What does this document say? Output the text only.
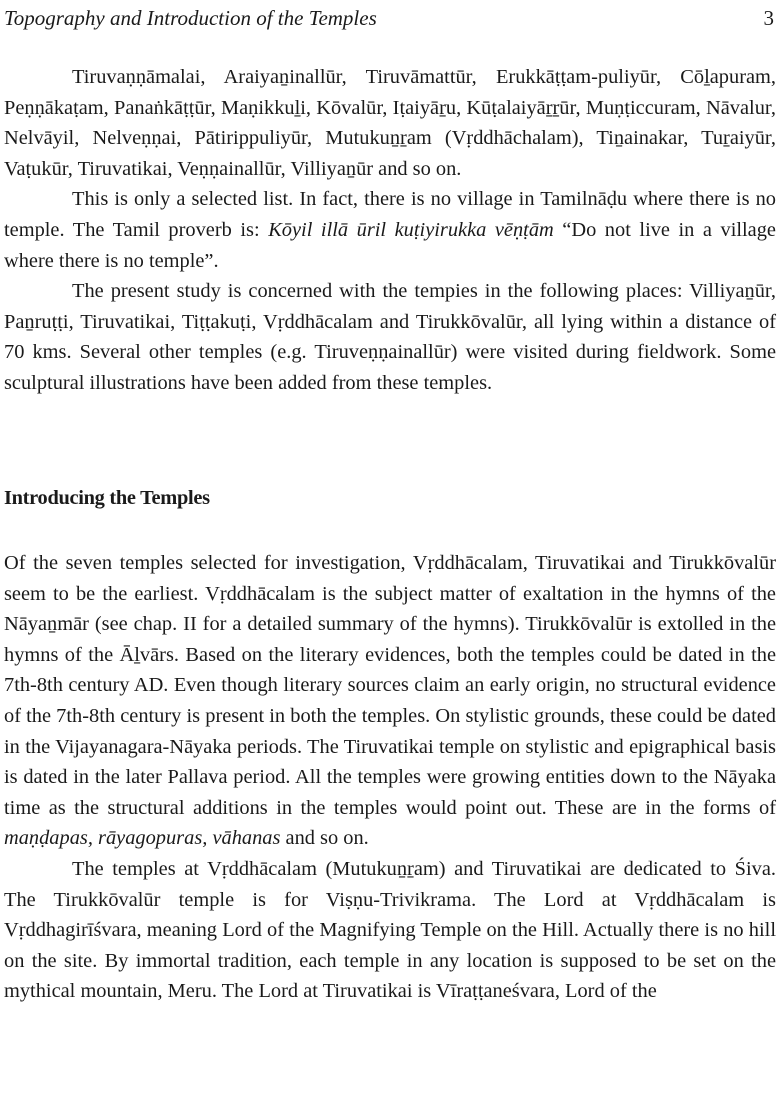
Topography and Introduction of the Temples	3

Tiruvaṇṇāmalai, Araiyaṉinallūr, Tiruvāmattūr, Erukkāṭṭam-puliyūr, Cōḻapuram, Peṇṇākaṭam, Panaṅkāṭṭūr, Maṇikkuḻi, Kōvalūr, Iṭaiyāṟu, Kūṭalaiyāṟṟūr, Muṇṭiccuram, Nāvalur, Nelvāyil, Nelveṇṇai, Pātirippuliyūr, Mutukuṉṟam (Vṛddhāchalam), Tiṉainakar, Tuṟaiyūr, Vaṭukūr, Tiruvatikai, Veṇṇainallūr, Villiyaṉūr and so on.

This is only a selected list. In fact, there is no village in Tamilnāḍu where there is no temple. The Tamil proverb is: Kōyil illā ūril kuṭiyirukka vēṇṭām “Do not live in a village where there is no temple”.

The present study is concerned with the tempies in the following places: Villiyaṉūr, Paṉruṭṭi, Tiruvatikai, Tiṭṭakuṭi, Vṛddhācalam and Tirukkōvalūr, all lying within a distance of 70 kms. Several other temples (e.g. Tiruveṇṇainallūr) were visited during fieldwork. Some sculptural illustrations have been added from these temples.

Introducing the Temples

Of the seven temples selected for investigation, Vṛddhācalam, Tiruvatikai and Tirukkōvalūr seem to be the earliest. Vṛddhācalam is the subject matter of exaltation in the hymns of the Nāyaṉmār (see chap. II for a detailed summary of the hymns). Tirukkōvalūr is extolled in the hymns of the Āḻvārs. Based on the literary evidences, both the temples could be dated in the 7th-8th century AD. Even though literary sources claim an early origin, no structural evidence of the 7th-8th century is present in both the temples. On stylistic grounds, these could be dated in the Vijayanagara-Nāyaka periods. The Tiruvatikai temple on stylistic and epigraphical basis is dated in the later Pallava period. All the temples were growing entities down to the Nāyaka time as the structural additions in the temples would point out. These are in the forms of maṇḍapas, rāyagopuras, vāhanas and so on.

The temples at Vṛddhācalam (Mutukuṉṟam) and Tiruvatikai are dedicated to Śiva. The Tirukkōvalūr temple is for Viṣṇu-Trivikrama. The Lord at Vṛddhācalam is Vṛddhagirīśvara, meaning Lord of the Magnifying Temple on the Hill. Actually there is no hill on the site. By immortal tradition, each temple in any location is supposed to be set on the mythical mountain, Meru. The Lord at Tiruvatikai is Vīraṭṭaneśvara, Lord of the
